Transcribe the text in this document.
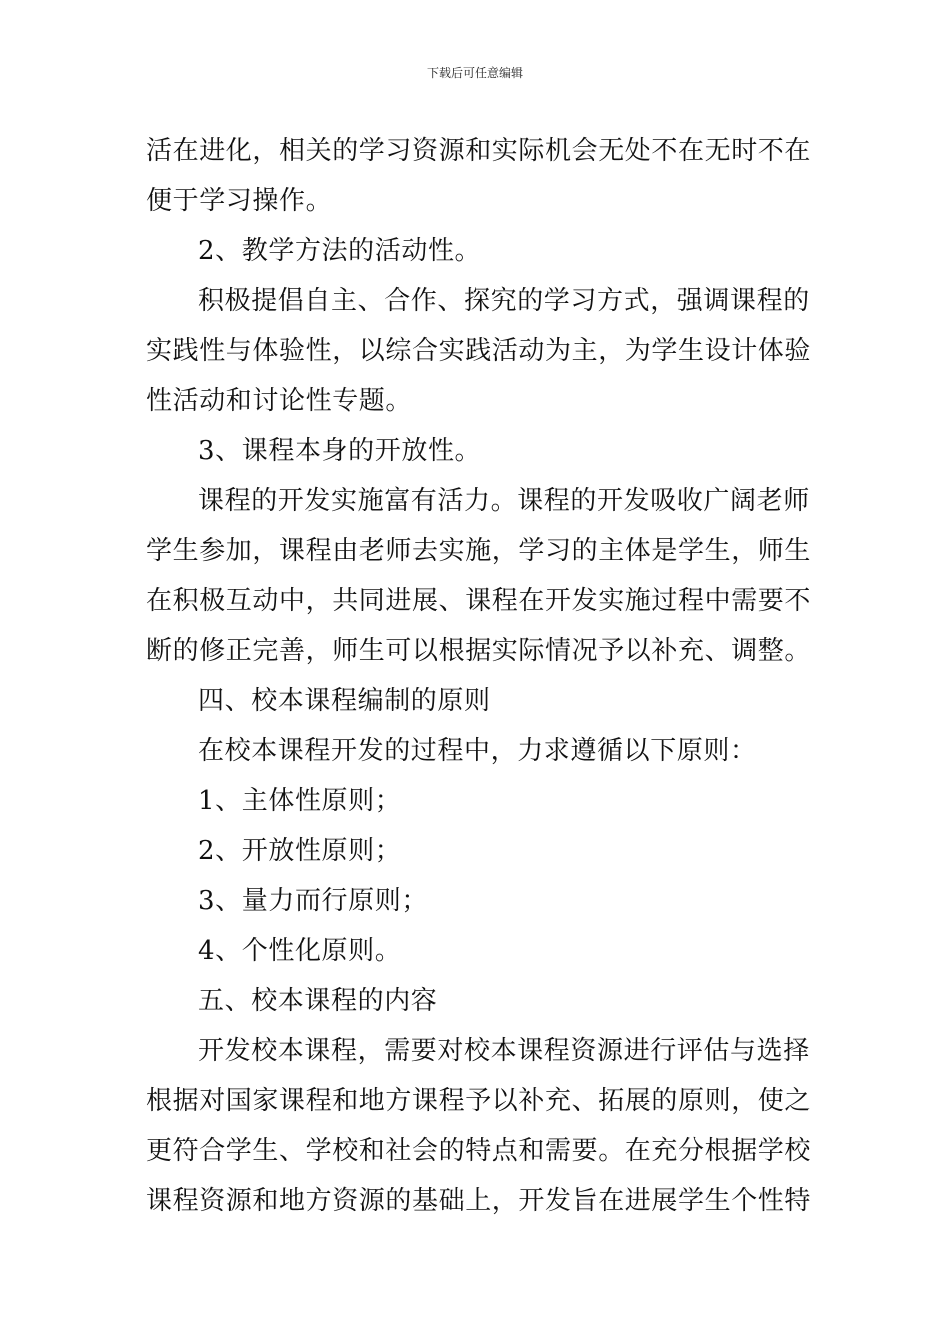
下载后可任意编辑
活在进化，相关的学习资源和实际机会无处不在无时不在
便于学习操作。
2、教学方法的活动性。
积极提倡自主、合作、探究的学习方式，强调课程的
实践性与体验性，以综合实践活动为主，为学生设计体验
性活动和讨论性专题。
3、课程本身的开放性。
课程的开发实施富有活力。课程的开发吸收广阔老师
学生参加，课程由老师去实施，学习的主体是学生，师生
在积极互动中，共同进展、课程在开发实施过程中需要不
断的修正完善，师生可以根据实际情况予以补充、调整。
四、校本课程编制的原则
在校本课程开发的过程中，力求遵循以下原则：
1、主体性原则；
2、开放性原则；
3、量力而行原则；
4、个性化原则。
五、校本课程的内容
开发校本课程，需要对校本课程资源进行评估与选择
根据对国家课程和地方课程予以补充、拓展的原则，使之
更符合学生、学校和社会的特点和需要。在充分根据学校
课程资源和地方资源的基础上，开发旨在进展学生个性特
